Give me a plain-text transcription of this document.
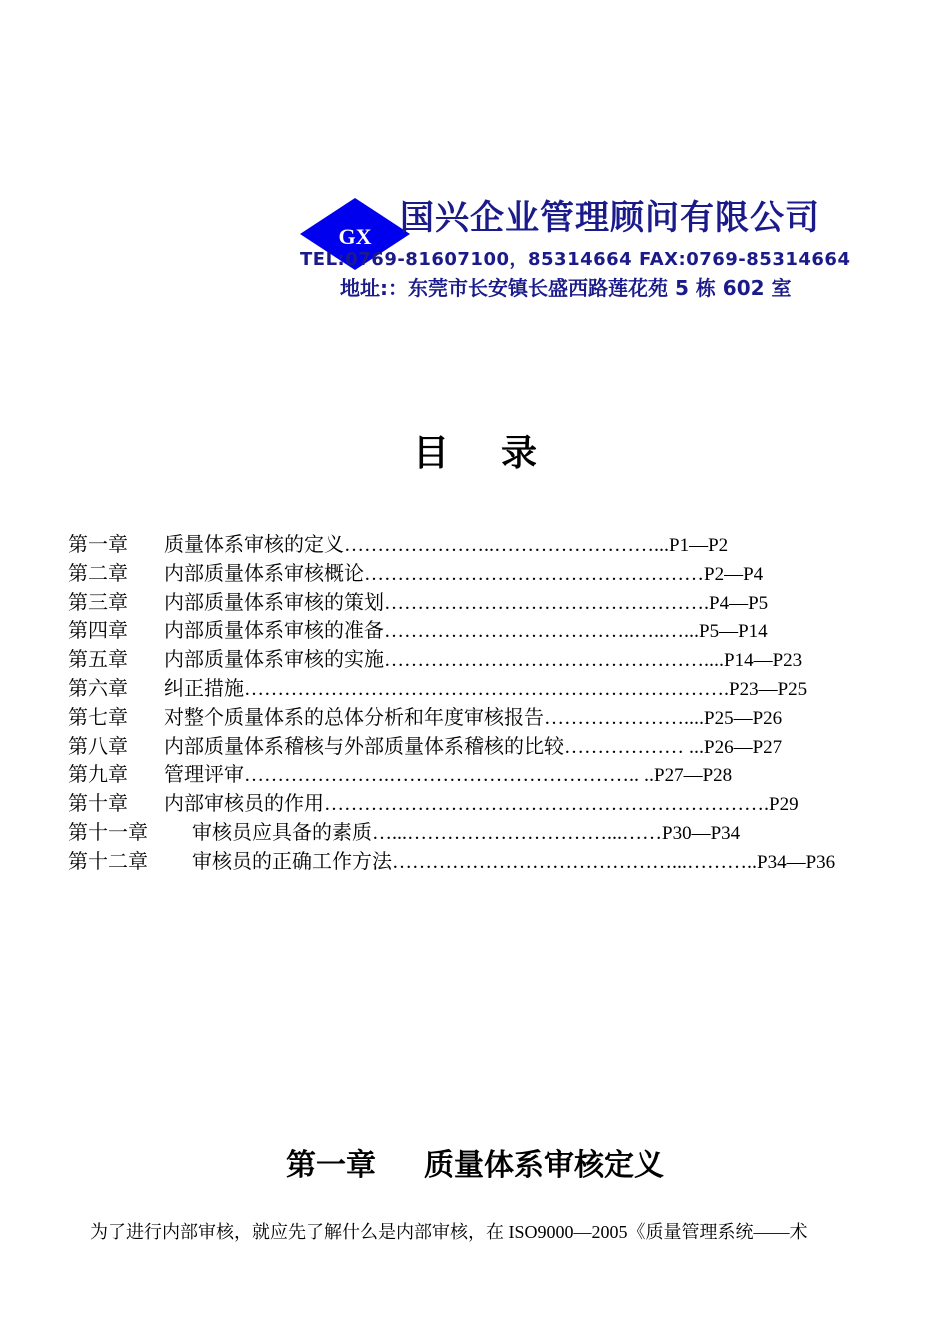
GX 国兴企业管理顾问有限公司
TEL:0769-81607100，85314664 FAX:0769-85314664
地址:：东莞市长安镇长盛西路莲花苑 5 栋 602 室
目录
第一章 质量体系审核的定义…………………..……………………...P1—P2
第二章 内部质量体系审核概论……………………………………………P2—P4
第三章 内部质量体系审核的策划………………………………………….P4—P5
第四章 内部质量体系审核的准备………………………………..…..…...P5—P14
第五章 内部质量体系审核的实施…………………………………………....P14—P23
第六章 纠正措施……………………………………………………………….P23—P25
第七章 对整个质量体系的总体分析和年度审核报告…………………....P25—P26
第八章 内部质量体系稽核与外部质量体系稽核的比较……………… ...P26—P27
第九章 管理评审………………….……………………………….. ..P27—P28
第十章 内部审核员的作用………………………………………………………….P29
第十一章 审核员应具备的素质…...…………………………...……P30—P34
第十二章 审核员的正确工作方法……………………………………...………..P34—P36
第一章 质量体系审核定义
为了进行内部审核，就应先了解什么是内部审核，在 ISO9000—2005《质量管理系统——术
